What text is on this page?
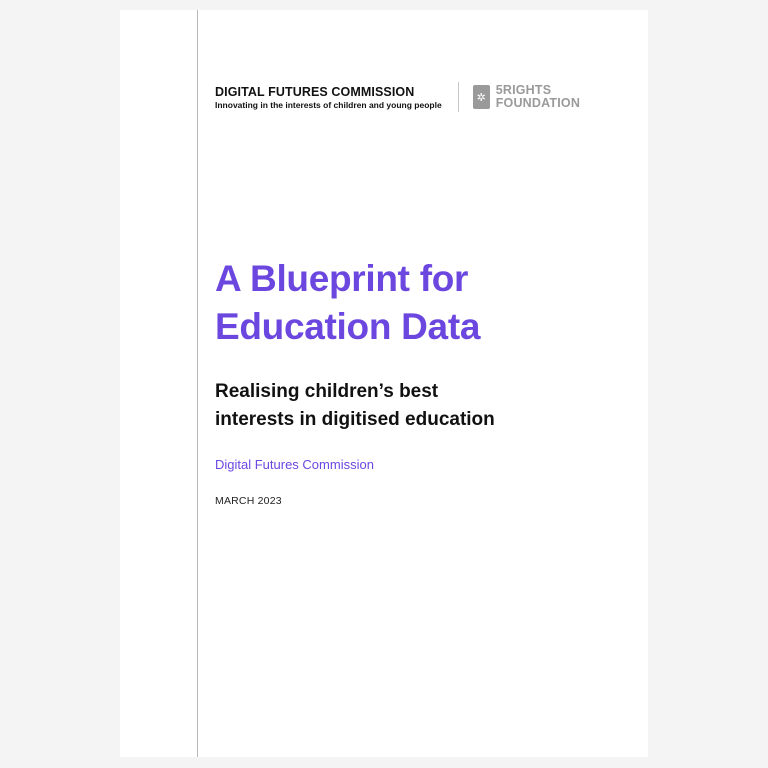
DIGITAL FUTURES COMMISSION
Innovating in the interests of children and young people
✲
5RIGHTS
FOUNDATION
A Blueprint for
Education Data
Realising children’s best
interests in digitised education
Digital Futures Commission
MARCH 2023
